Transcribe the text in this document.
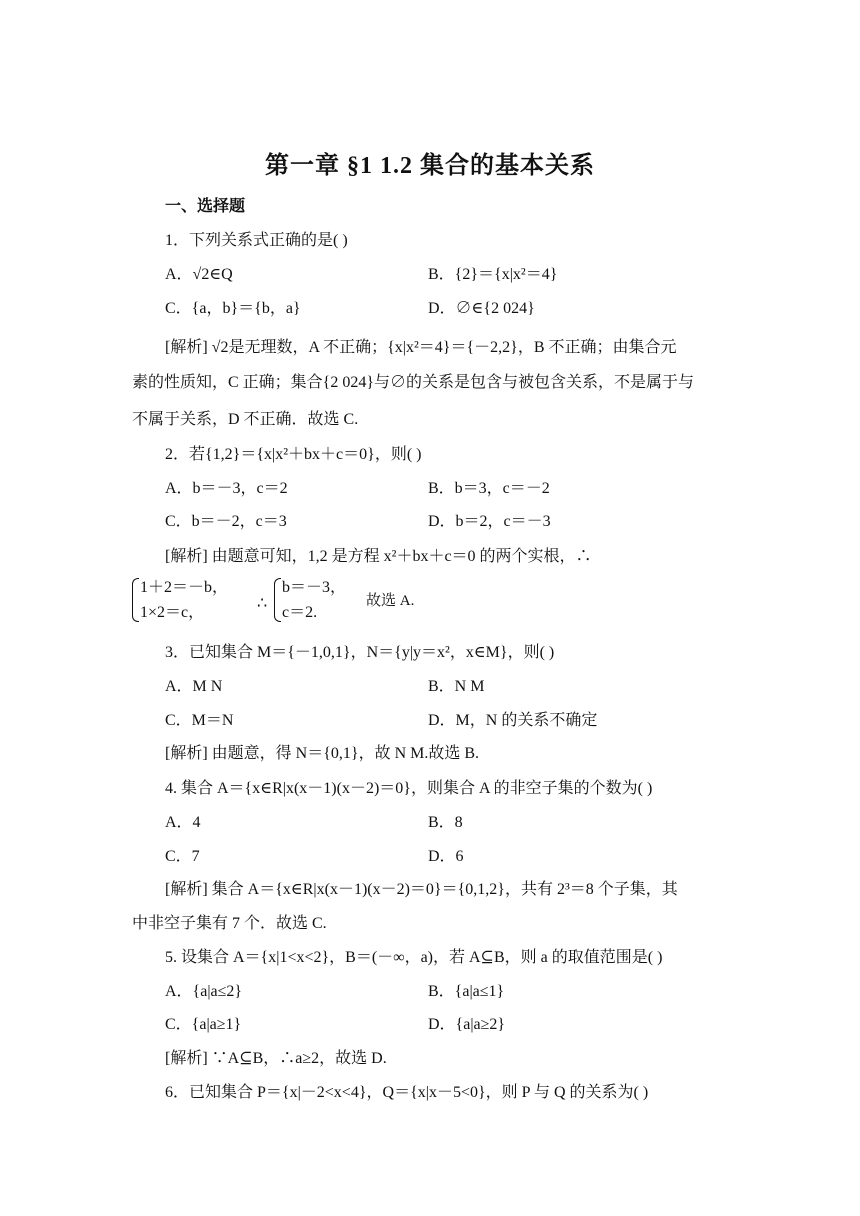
第一章 §1 1.2 集合的基本关系
一、选择题
1．下列关系式正确的是( )
A．√2∈Q	B．{2}＝{x|x²＝4}
C．{a，b}＝{b，a}	D．∅∈{2 024}
[解析] √2是无理数，A 不正确；{x|x²＝4}＝{－2,2}，B 不正确；由集合元
素的性质知，C 正确；集合{2 024}与∅的关系是包含与被包含关系，不是属于与
不属于关系，D 不正确．故选 C.
2．若{1,2}＝{x|x²＋bx＋c＝0}，则( )
A．b＝－3，c＝2	B．b＝3，c＝－2
C．b＝－2，c＝3	D．b＝2，c＝－3
[解析] 由题意可知，1,2 是方程 x²＋bx＋c＝0 的两个实根，∴
1＋2＝－b，
1×2＝c，
∴
b＝－3，
c＝2.
故选 A.
3．已知集合 M＝{－1,0,1}，N＝{y|y＝x²，x∈M}，则( )
A．M N	B．N M
C．M＝N	D．M，N 的关系不确定
[解析] 由题意，得 N＝{0,1}，故 N M.故选 B.
4. 集合 A＝{x∈R|x(x－1)(x－2)＝0}，则集合 A 的非空子集的个数为( )
A．4	B．8
C．7	D．6
[解析] 集合 A＝{x∈R|x(x－1)(x－2)＝0}＝{0,1,2}，共有 2³＝8 个子集，其
中非空子集有 7 个．故选 C.
5. 设集合 A＝{x|1<x<2}，B＝(－∞，a)，若 A⊆B，则 a 的取值范围是( )
A．{a|a≤2}	B．{a|a≤1}
C．{a|a≥1}	D．{a|a≥2}
[解析] ∵A⊆B，∴a≥2，故选 D.
6．已知集合 P＝{x|－2<x<4}，Q＝{x|x－5<0}，则 P 与 Q 的关系为( )
